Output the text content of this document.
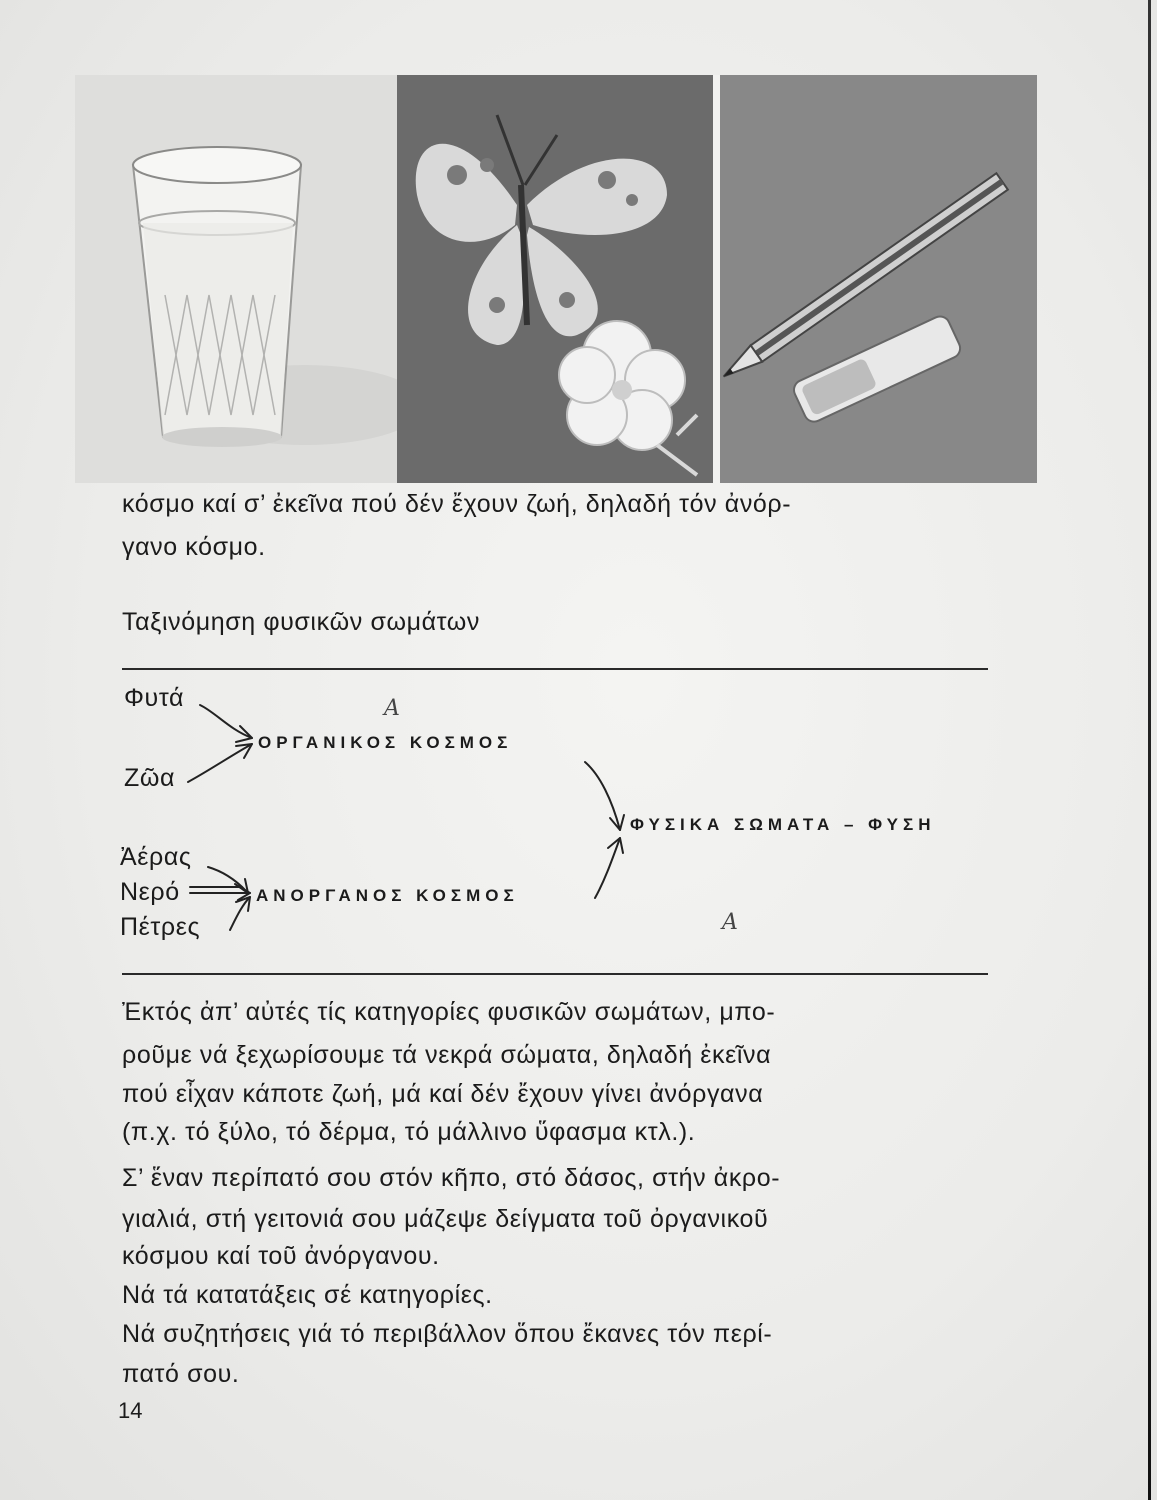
κόσμο καί σ’ ἐκεῖνα πού δέν ἔχουν ζωή, δηλαδή τόν ἀνόρ-
γανο κόσμο.
Ταξινόμηση φυσικῶν σωμάτων
Φυτά
Ζῶα
ΟΡΓΑΝΙΚΟΣ ΚΟΣΜΟΣ
ΦΥΣΙΚΑ ΣΩΜΑΤΑ – ΦΥΣΗ
Ἀέρας
Νερό
Πέτρες
ΑΝΟΡΓΑΝΟΣ ΚΟΣΜΟΣ
A
A
Ἐκτός ἀπ’ αὐτές τίς κατηγορίες φυσικῶν σωμάτων, μπο-
ροῦμε νά ξεχωρίσουμε τά νεκρά σώματα, δηλαδή ἐκεῖνα
πού εἶχαν κάποτε ζωή, μά καί δέν ἔχουν γίνει ἀνόργανα
(π.χ. τό ξύλο, τό δέρμα, τό μάλλινο ὕφασμα κτλ.).
Σ’ ἕναν περίπατό σου στόν κῆπο, στό δάσος, στήν ἀκρο-
γιαλιά, στή γειτονιά σου μάζεψε δείγματα τοῦ ὀργανικοῦ
κόσμου καί τοῦ ἀνόργανου.
Νά τά κατατάξεις σέ κατηγορίες.
Νά συζητήσεις γιά τό περιβάλλον ὅπου ἔκανες τόν περί-
πατό σου.
14
